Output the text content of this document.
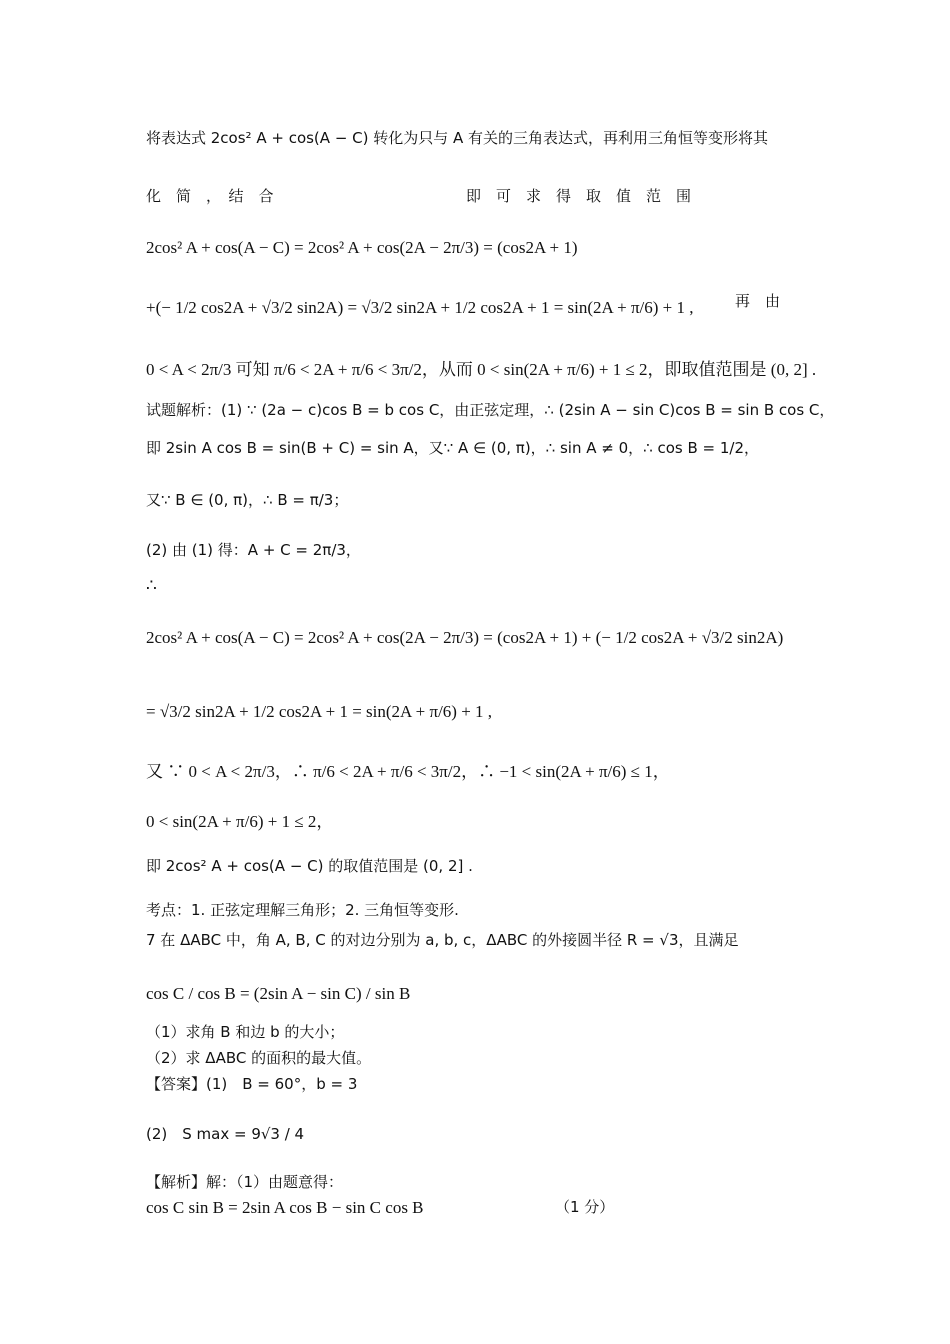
将表达式 2cos² A + cos(A − C) 转化为只与 A 有关的三角表达式，再利用三角恒等变形将其
化　简　，　结　合	即　可　求　得　取　值　范　围
2cos² A + cos(A − C) = 2cos² A + cos(2A − 2π/3) = (cos2A + 1)
+(− 1/2 cos2A + √3/2 sin2A) = √3/2 sin2A + 1/2 cos2A + 1 = sin(2A + π/6) + 1 ,	再　由
0 < A < 2π/3 可知 π/6 < 2A + π/6 < 3π/2，从而 0 < sin(2A + π/6) + 1 ≤ 2，即取值范围是 (0, 2] .
试题解析：(1) ∵ (2a − c)cos B = b cos C，由正弦定理，∴ (2sin A − sin C)cos B = sin B cos C，
即 2sin A cos B = sin(B + C) = sin A，又∵ A ∈ (0, π)，∴ sin A ≠ 0，∴ cos B = 1/2，
又∵ B ∈ (0, π)，∴ B = π/3；
(2) 由 (1) 得：A + C = 2π/3，
∴
2cos² A + cos(A − C) = 2cos² A + cos(2A − 2π/3) = (cos2A + 1) + (− 1/2 cos2A + √3/2 sin2A)
= √3/2 sin2A + 1/2 cos2A + 1 = sin(2A + π/6) + 1 ,
又 ∵ 0 < A < 2π/3，∴ π/6 < 2A + π/6 < 3π/2，∴ −1 < sin(2A + π/6) ≤ 1，
0 < sin(2A + π/6) + 1 ≤ 2，
即 2cos² A + cos(A − C) 的取值范围是 (0, 2] .
考点：1. 正弦定理解三角形；2. 三角恒等变形.
7 在 ΔABC 中，角 A, B, C 的对边分别为 a, b, c，ΔABC 的外接圆半径 R = √3，且满足
cos C / cos B = (2sin A − sin C) / sin B
（1）求角 B 和边 b 的大小；
（2）求 ΔABC 的面积的最大值。
【答案】(1)　B = 60°，b = 3
(2)　S max = 9√3 / 4
【解析】解：（1）由题意得：
cos C sin B = 2sin A cos B − sin C cos B	（1 分）
